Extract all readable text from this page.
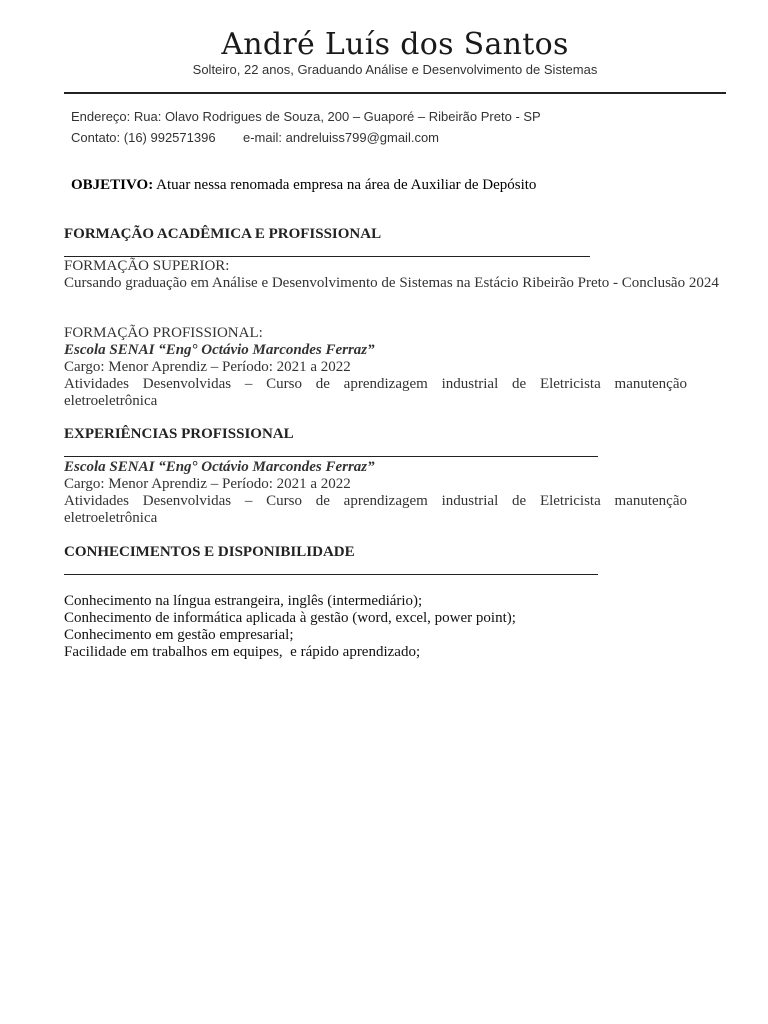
André Luís dos Santos
Solteiro, 22 anos, Graduando Análise e Desenvolvimento de Sistemas
Endereço: Rua: Olavo Rodrigues de Souza, 200 – Guaporé – Ribeirão Preto - SP
Contato: (16) 992571396 e-mail: andreluiss799@gmail.com
OBJETIVO: Atuar nessa renomada empresa na área de Auxiliar de Depósito
FORMAÇÃO ACADÊMICA E PROFISSIONAL
FORMAÇÃO SUPERIOR:
Cursando graduação em Análise e Desenvolvimento de Sistemas na Estácio Ribeirão Preto - Conclusão 2024
FORMAÇÃO PROFISSIONAL:
Escola SENAI “Eng° Octávio Marcondes Ferraz”
Cargo: Menor Aprendiz – Período: 2021 a 2022
Atividades Desenvolvidas – Curso de aprendizagem industrial de Eletricista manutenção eletroeletrônica
EXPERIÊNCIAS PROFISSIONAL
Escola SENAI “Eng° Octávio Marcondes Ferraz”
Cargo: Menor Aprendiz – Período: 2021 a 2022
Atividades Desenvolvidas – Curso de aprendizagem industrial de Eletricista manutenção eletroeletrônica
CONHECIMENTOS E DISPONIBILIDADE
Conhecimento na língua estrangeira, inglês (intermediário);
Conhecimento de informática aplicada à gestão (word, excel, power point);
Conhecimento em gestão empresarial;
Facilidade em trabalhos em equipes,  e rápido aprendizado;
